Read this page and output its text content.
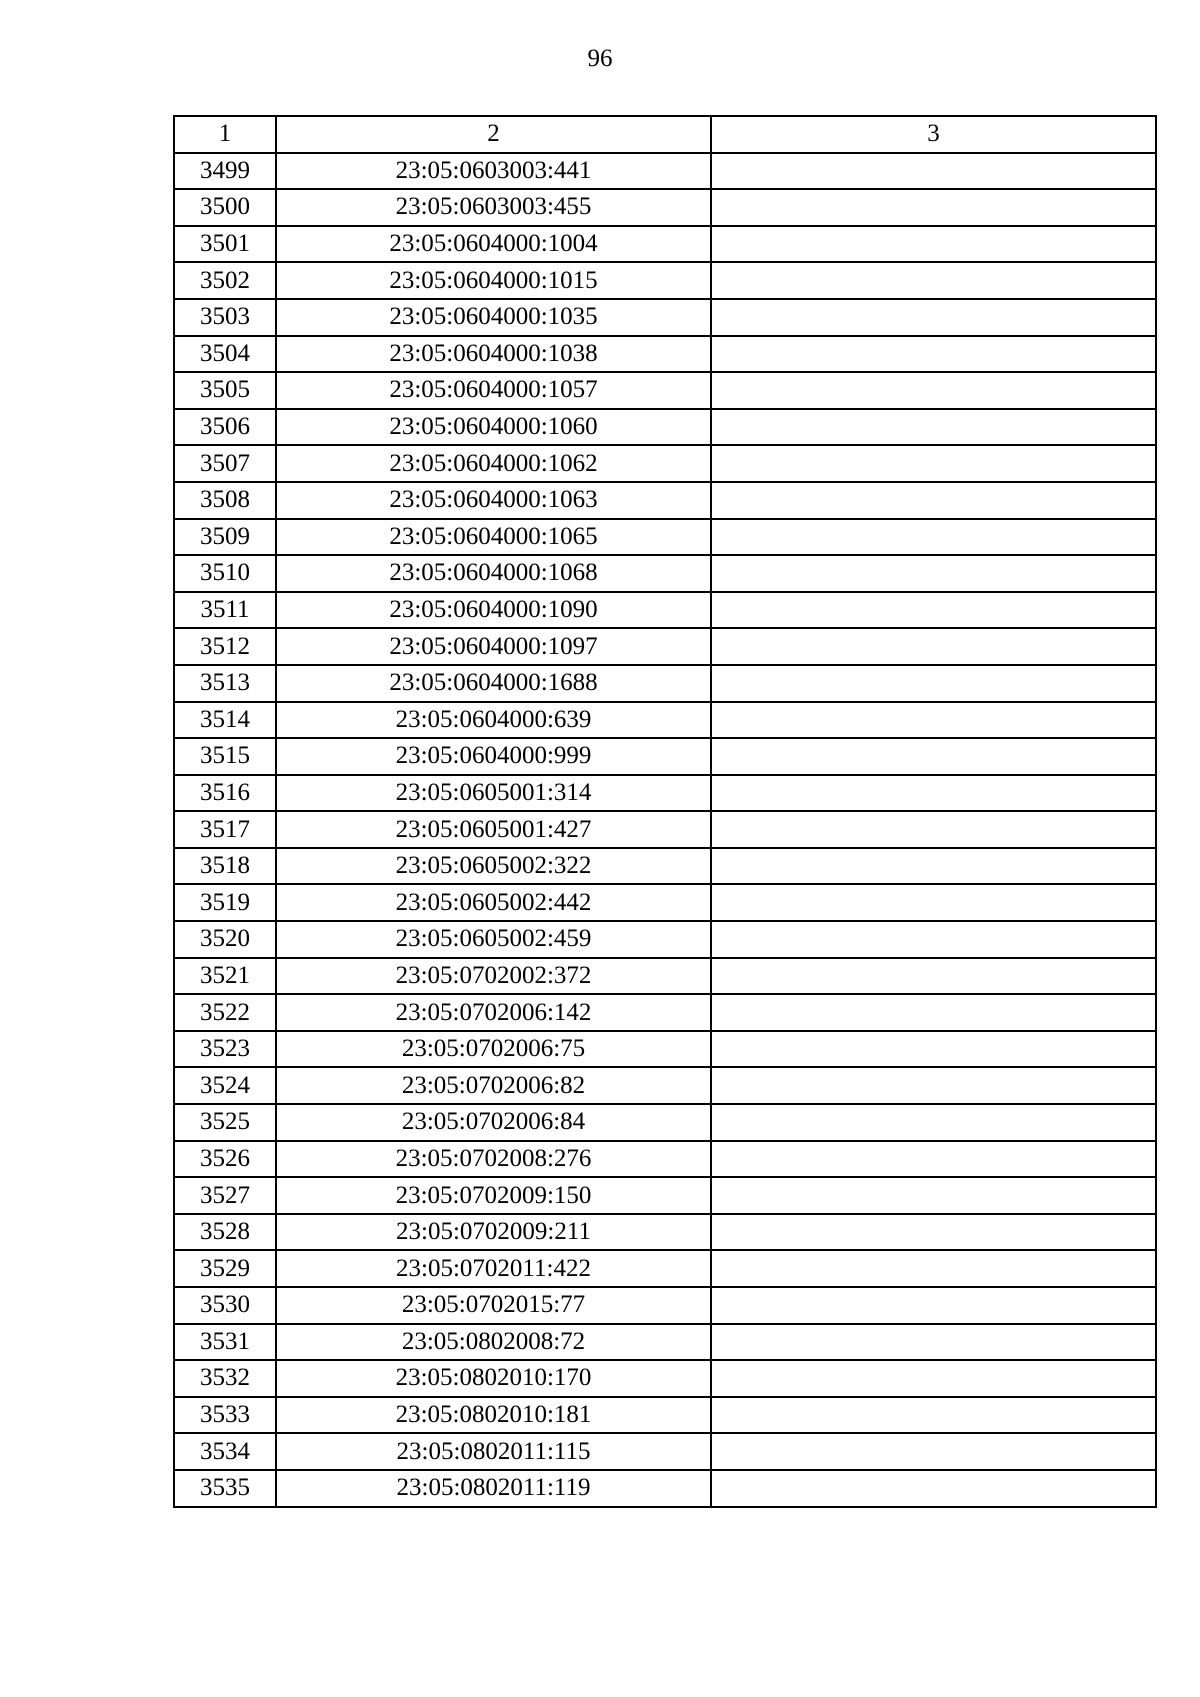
96
1	2	3
3499	23:05:0603003:441	
3500	23:05:0603003:455	
3501	23:05:0604000:1004	
3502	23:05:0604000:1015	
3503	23:05:0604000:1035	
3504	23:05:0604000:1038	
3505	23:05:0604000:1057	
3506	23:05:0604000:1060	
3507	23:05:0604000:1062	
3508	23:05:0604000:1063	
3509	23:05:0604000:1065	
3510	23:05:0604000:1068	
3511	23:05:0604000:1090	
3512	23:05:0604000:1097	
3513	23:05:0604000:1688	
3514	23:05:0604000:639	
3515	23:05:0604000:999	
3516	23:05:0605001:314	
3517	23:05:0605001:427	
3518	23:05:0605002:322	
3519	23:05:0605002:442	
3520	23:05:0605002:459	
3521	23:05:0702002:372	
3522	23:05:0702006:142	
3523	23:05:0702006:75	
3524	23:05:0702006:82	
3525	23:05:0702006:84	
3526	23:05:0702008:276	
3527	23:05:0702009:150	
3528	23:05:0702009:211	
3529	23:05:0702011:422	
3530	23:05:0702015:77	
3531	23:05:0802008:72	
3532	23:05:0802010:170	
3533	23:05:0802010:181	
3534	23:05:0802011:115	
3535	23:05:0802011:119	
